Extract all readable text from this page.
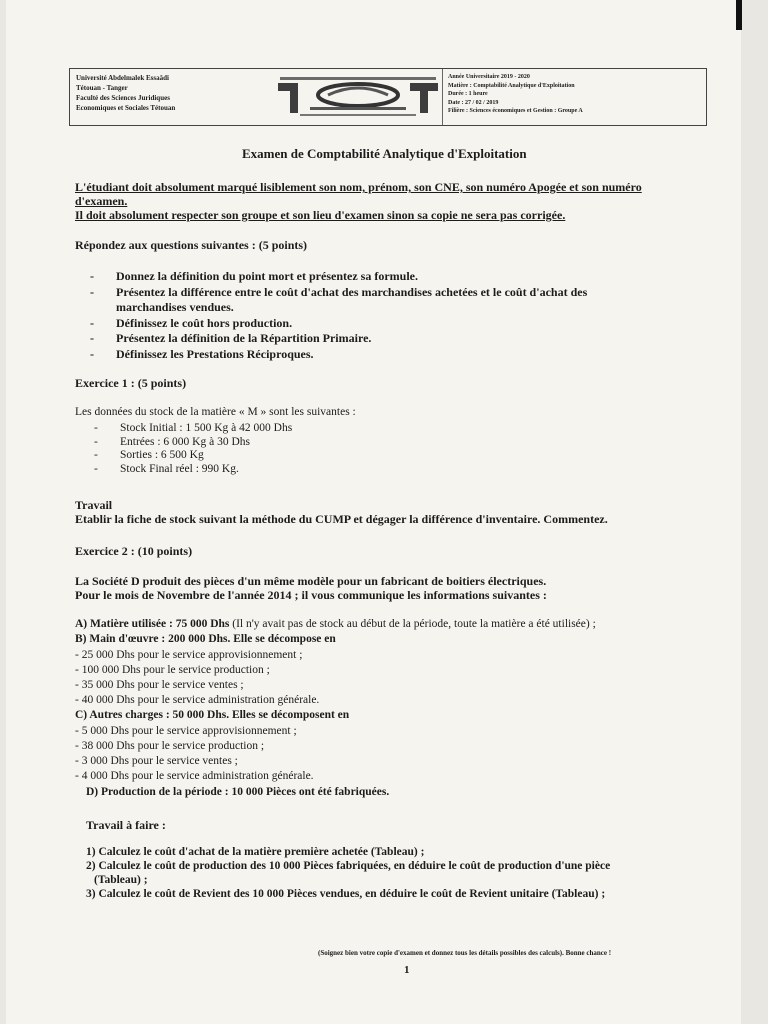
Université Abdelmalek Essaâdi
Tétouan - Tanger
Faculté des Sciences Juridiques
Economiques et Sociales Tétouan
Année Universitaire 2019 - 2020
Matière : Comptabilité Analytique d'Exploitation
Durée : 1 heure
Date : 27 / 02 / 2019
Filière : Sciences économiques et Gestion : Groupe A
Examen de Comptabilité Analytique d'Exploitation
L'étudiant doit absolument marqué lisiblement son nom, prénom, son CNE, son numéro Apogée et son numéro
d'examen.
Il doit absolument respecter son groupe et son lieu d'examen sinon sa copie ne sera pas corrigée.
Répondez aux questions suivantes : (5 points)
- Donnez la définition du point mort et présentez sa formule.
- Présentez la différence entre le coût d'achat des marchandises achetées et le coût d'achat des
marchandises vendues.
- Définissez le coût hors production.
- Présentez la définition de la Répartition Primaire.
- Définissez les Prestations Réciproques.
Exercice 1 : (5 points)
Les données du stock de la matière « M » sont les suivantes :
- Stock Initial : 1 500 Kg à 42 000 Dhs
- Entrées : 6 000 Kg à 30 Dhs
- Sorties : 6 500 Kg
- Stock Final réel : 990 Kg.
Travail
Etablir la fiche de stock suivant la méthode du CUMP et dégager la différence d'inventaire. Commentez.
Exercice 2 : (10 points)
La Société D produit des pièces d'un même modèle pour un fabricant de boitiers électriques.
Pour le mois de Novembre de l'année 2014 ; il vous communique les informations suivantes :
A) Matière utilisée : 75 000 Dhs (Il n'y avait pas de stock au début de la période, toute la matière a été utilisée) ;
B) Main d'œuvre : 200 000 Dhs. Elle se décompose en
- 25 000 Dhs pour le service approvisionnement ;
- 100 000 Dhs pour le service production ;
- 35 000 Dhs pour le service ventes ;
- 40 000 Dhs pour le service administration générale.
C) Autres charges : 50 000 Dhs. Elles se décomposent en
- 5 000 Dhs pour le service approvisionnement ;
- 38 000 Dhs pour le service production ;
- 3 000 Dhs pour le service ventes ;
- 4 000 Dhs pour le service administration générale.
D) Production de la période : 10 000 Pièces ont été fabriquées.
Travail à faire :
1) Calculez le coût d'achat de la matière première achetée (Tableau) ;
2) Calculez le coût de production des 10 000 Pièces fabriquées, en déduire le coût de production d'une pièce
(Tableau) ;
3) Calculez le coût de Revient des 10 000 Pièces vendues, en déduire le coût de Revient unitaire (Tableau) ;
(Soignez bien votre copie d'examen et donnez tous les détails possibles des calculs). Bonne chance !
1
